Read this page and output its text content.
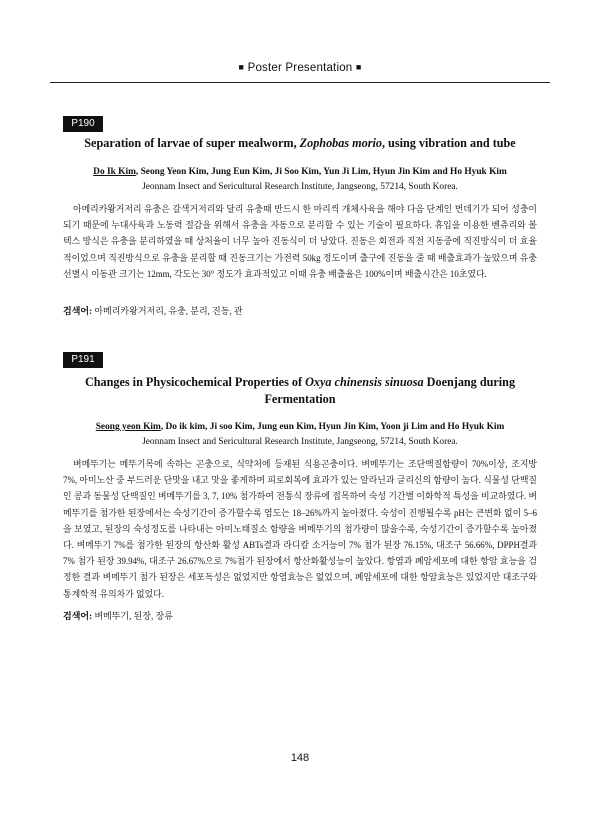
■ Poster Presentation ■
P190
Separation of larvae of super mealworm, Zophobas morio, using vibration and tube
Do Ik Kim, Seong Yeon Kim, Jung Eun Kim, Ji Soo Kim, Yun Ji Lim, Hyun Jin Kim and Ho Hyuk Kim
Jeonnam Insect and Sericultural Research Institute, Jangseong, 57214, South Korea.

아메리카왕거저리 유충은 갈색거저리와 달리 유충때 반드시 한 마리씩 개체사육을 해야 다음 단계인 번데기가 되어 성충이 되기 때문에 누대사육과 노동력 절감을 위해서 유충을 자동으로 분리할 수 있는 기술이 필요하다. 휴입을 이용한 벤츄리와 볼텍스 방식은 유충을 분리하였을 때 상처율이 너무 높아 진동식이 더 낭았다. 진동은 회전과 직전 지동중에 직진방식이 더 효율적이었으며 직진방식으로 유충을 분리할 때 진동크기는 가전력 50kg 정도이며 출구에 진동을 줄 때 배출효과가 높았으며 유충 선별시 이동관 크기는 12mm, 각도는 30° 정도가 효과적있고 이때 유충 배출율은 100%이며 배출시간은 10초였다.

검색어: 아메리카왕거저리, 유충, 분리, 진동, 관
P191
Changes in Physicochemical Properties of Oxya chinensis sinuosa Doenjang during Fermentation
Seong yeon Kim, Do ik kim, Ji soo Kim, Jung eun Kim, Hyun Jin Kim, Yoon ji Lim and Ho Hyuk Kim
Jeonnam Insect and Sericultural Research Institute, Jangseong, 57214, South Korea.

벼메뚜기는 메뚜기목에 속하는 곤충으로, 식약처에 등재된 식용곤충이다. 벼메뚜기는 조단백질함량이 70%이상, 조지방 7%, 아미노산 중 부드러운 단맛을 내고 맛을 좋게하며 피로회복에 효과가 있는 알라닌과 글리신의 함량이 높다. 식물성 단백질인 콩과 동물성 단백질인 벼메뚜기를 3, 7, 10% 첨가하여 전통식 장류에 접목하여 숙성 기간별 이화학적 특성을 비교하였다. 벼메뚜기를 첨가한 된장에서는 숙성기간이 증가할수록 염도는 18–26%까지 높아졌다. 숙성이 진행될수록 pH는 큰변화 없이 5–6을 보였고, 된장의 숙성정도를 나타내는 아미노태질소 함량을 벼메뚜기의 첨가량이 많을수록, 숙성기간이 증가할수록 높아졌다. 벼메뚜기 7%를 첨가한 된장의 항산화 활성 ABTs결과 라디칼 소거능이 7% 첨가 된장 76.15%, 대조구 56.66%, DPPH결과 7% 첨가 된장 39.94%, 대조구 26.67%으로 7%첨가 된장에서 항산화활성능이 높았다. 항염과 폐암세포에 대한 항암 효능을 검정한 결과 벼메뚜기 첨가 된장은 세포독성은 없었지만 항염효능은 없었으며, 폐암세포에 대한 항암효능은 있었지만 대조구와 통계학적 유의차가 없었다.

검색어: 벼메뚜기, 된장, 장류
148
